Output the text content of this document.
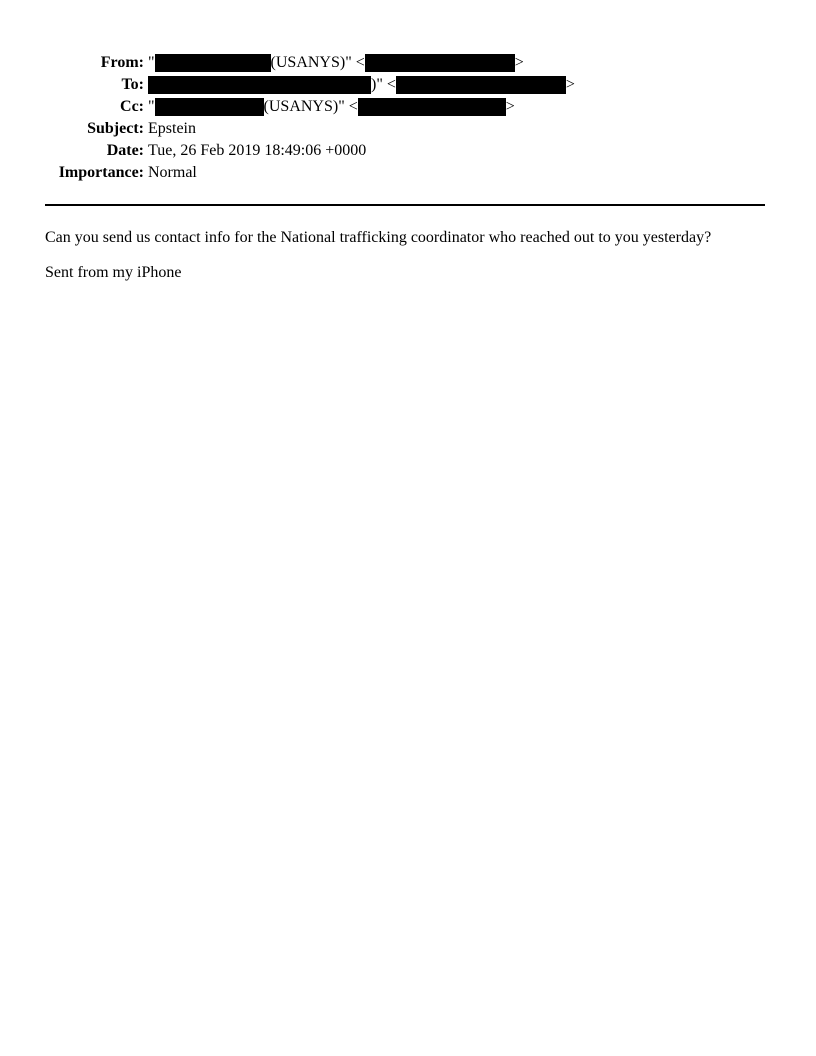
From: "	(USANYS)" <	>
To:	)" <	>
Cc: "	(USANYS)" <	>
Subject: Epstein
Date: Tue, 26 Feb 2019 18:49:06 +0000
Importance: Normal

Can you send us contact info for the National trafficking coordinator who reached out to you yesterday?

Sent from my iPhone
